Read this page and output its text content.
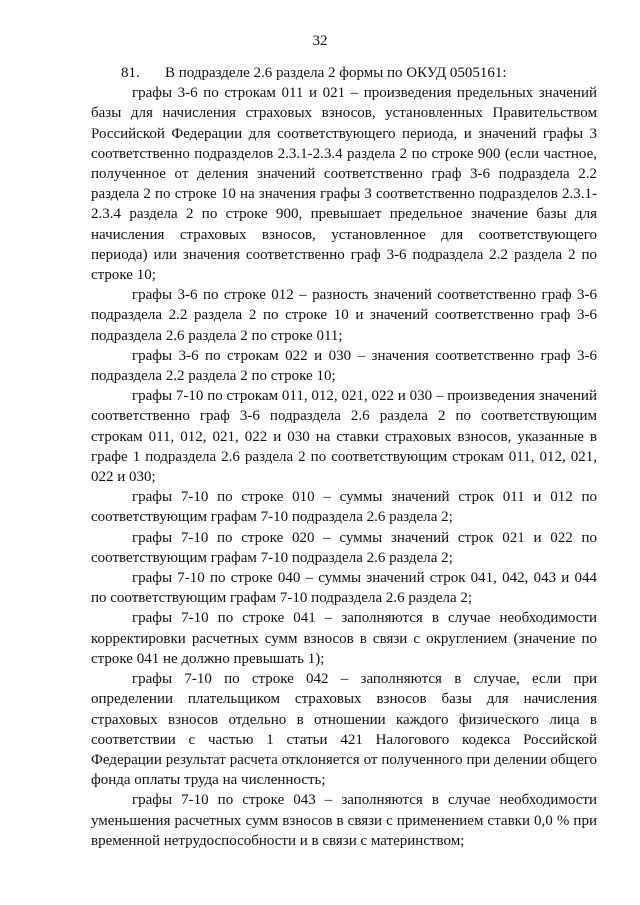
32

81. В подразделе 2.6 раздела 2 формы по ОКУД 0505161:

графы 3-6 по строкам 011 и 021 – произведения предельных значений базы для начисления страховых взносов, установленных Правительством Российской Федерации для соответствующего периода, и значений графы 3 соответственно подразделов 2.3.1-2.3.4 раздела 2 по строке 900 (если частное, полученное от деления значений соответственно граф 3-6 подраздела 2.2 раздела 2 по строке 10 на значения графы 3 соответственно подразделов 2.3.1-2.3.4 раздела 2 по строке 900, превышает предельное значение базы для начисления страховых взносов, установленное для соответствующего периода) или значения соответственно граф 3-6 подраздела 2.2 раздела 2 по строке 10;

графы 3-6 по строке 012 – разность значений соответственно граф 3-6 подраздела 2.2 раздела 2 по строке 10 и значений соответственно граф 3-6 подраздела 2.6 раздела 2 по строке 011;

графы 3-6 по строкам 022 и 030 – значения соответственно граф 3-6 подраздела 2.2 раздела 2 по строке 10;

графы 7-10 по строкам 011, 012, 021, 022 и 030 – произведения значений соответственно граф 3-6 подраздела 2.6 раздела 2 по соответствующим строкам 011, 012, 021, 022 и 030 на ставки страховых взносов, указанные в графе 1 подраздела 2.6 раздела 2 по соответствующим строкам 011, 012, 021, 022 и 030;

графы 7-10 по строке 010 – суммы значений строк 011 и 012 по соответствующим графам 7-10 подраздела 2.6 раздела 2;

графы 7-10 по строке 020 – суммы значений строк 021 и 022 по соответствующим графам 7-10 подраздела 2.6 раздела 2;

графы 7-10 по строке 040 – суммы значений строк 041, 042, 043 и 044 по соответствующим графам 7-10 подраздела 2.6 раздела 2;

графы 7-10 по строке 041 – заполняются в случае необходимости корректировки расчетных сумм взносов в связи с округлением (значение по строке 041 не должно превышать 1);

графы 7-10 по строке 042 – заполняются в случае, если при определении плательщиком страховых взносов базы для начисления страховых взносов отдельно в отношении каждого физического лица в соответствии с частью 1 статьи 421 Налогового кодекса Российской Федерации результат расчета отклоняется от полученного при делении общего фонда оплаты труда на численность;

графы 7-10 по строке 043 – заполняются в случае необходимости уменьшения расчетных сумм взносов в связи с применением ставки 0,0 % при временной нетрудоспособности и в связи с материнством;
